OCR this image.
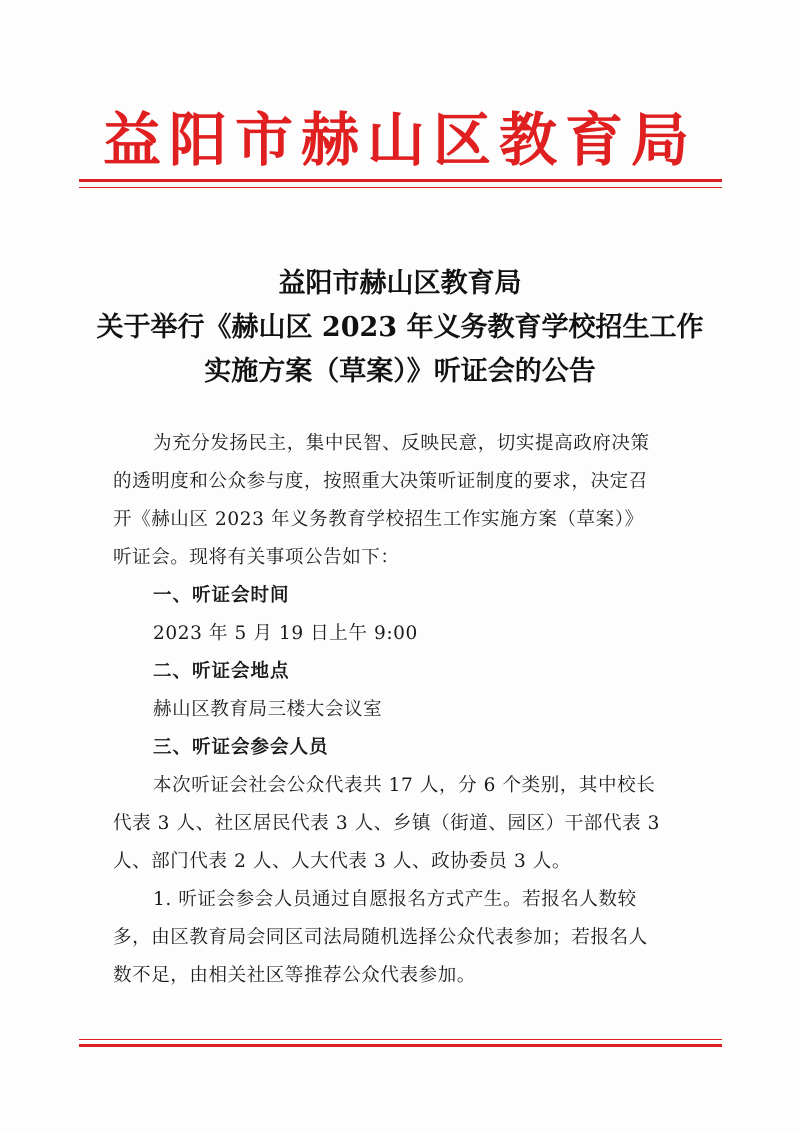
益阳市赫山区教育局
益阳市赫山区教育局
关于举行《赫山区 2023 年义务教育学校招生工作
实施方案（草案）》听证会的公告
为充分发扬民主，集中民智、反映民意，切实提高政府决策
的透明度和公众参与度，按照重大决策听证制度的要求，决定召
开《赫山区 2023 年义务教育学校招生工作实施方案（草案）》
听证会。现将有关事项公告如下：
一、听证会时间
2023 年 5 月 19 日上午 9:00
二、听证会地点
赫山区教育局三楼大会议室
三、听证会参会人员
本次听证会社会公众代表共 17 人，分 6 个类别，其中校长
代表 3 人、社区居民代表 3 人、乡镇（街道、园区）干部代表 3
人、部门代表 2 人、人大代表 3 人、政协委员 3 人。
1. 听证会参会人员通过自愿报名方式产生。若报名人数较
多，由区教育局会同区司法局随机选择公众代表参加；若报名人
数不足，由相关社区等推荐公众代表参加。
